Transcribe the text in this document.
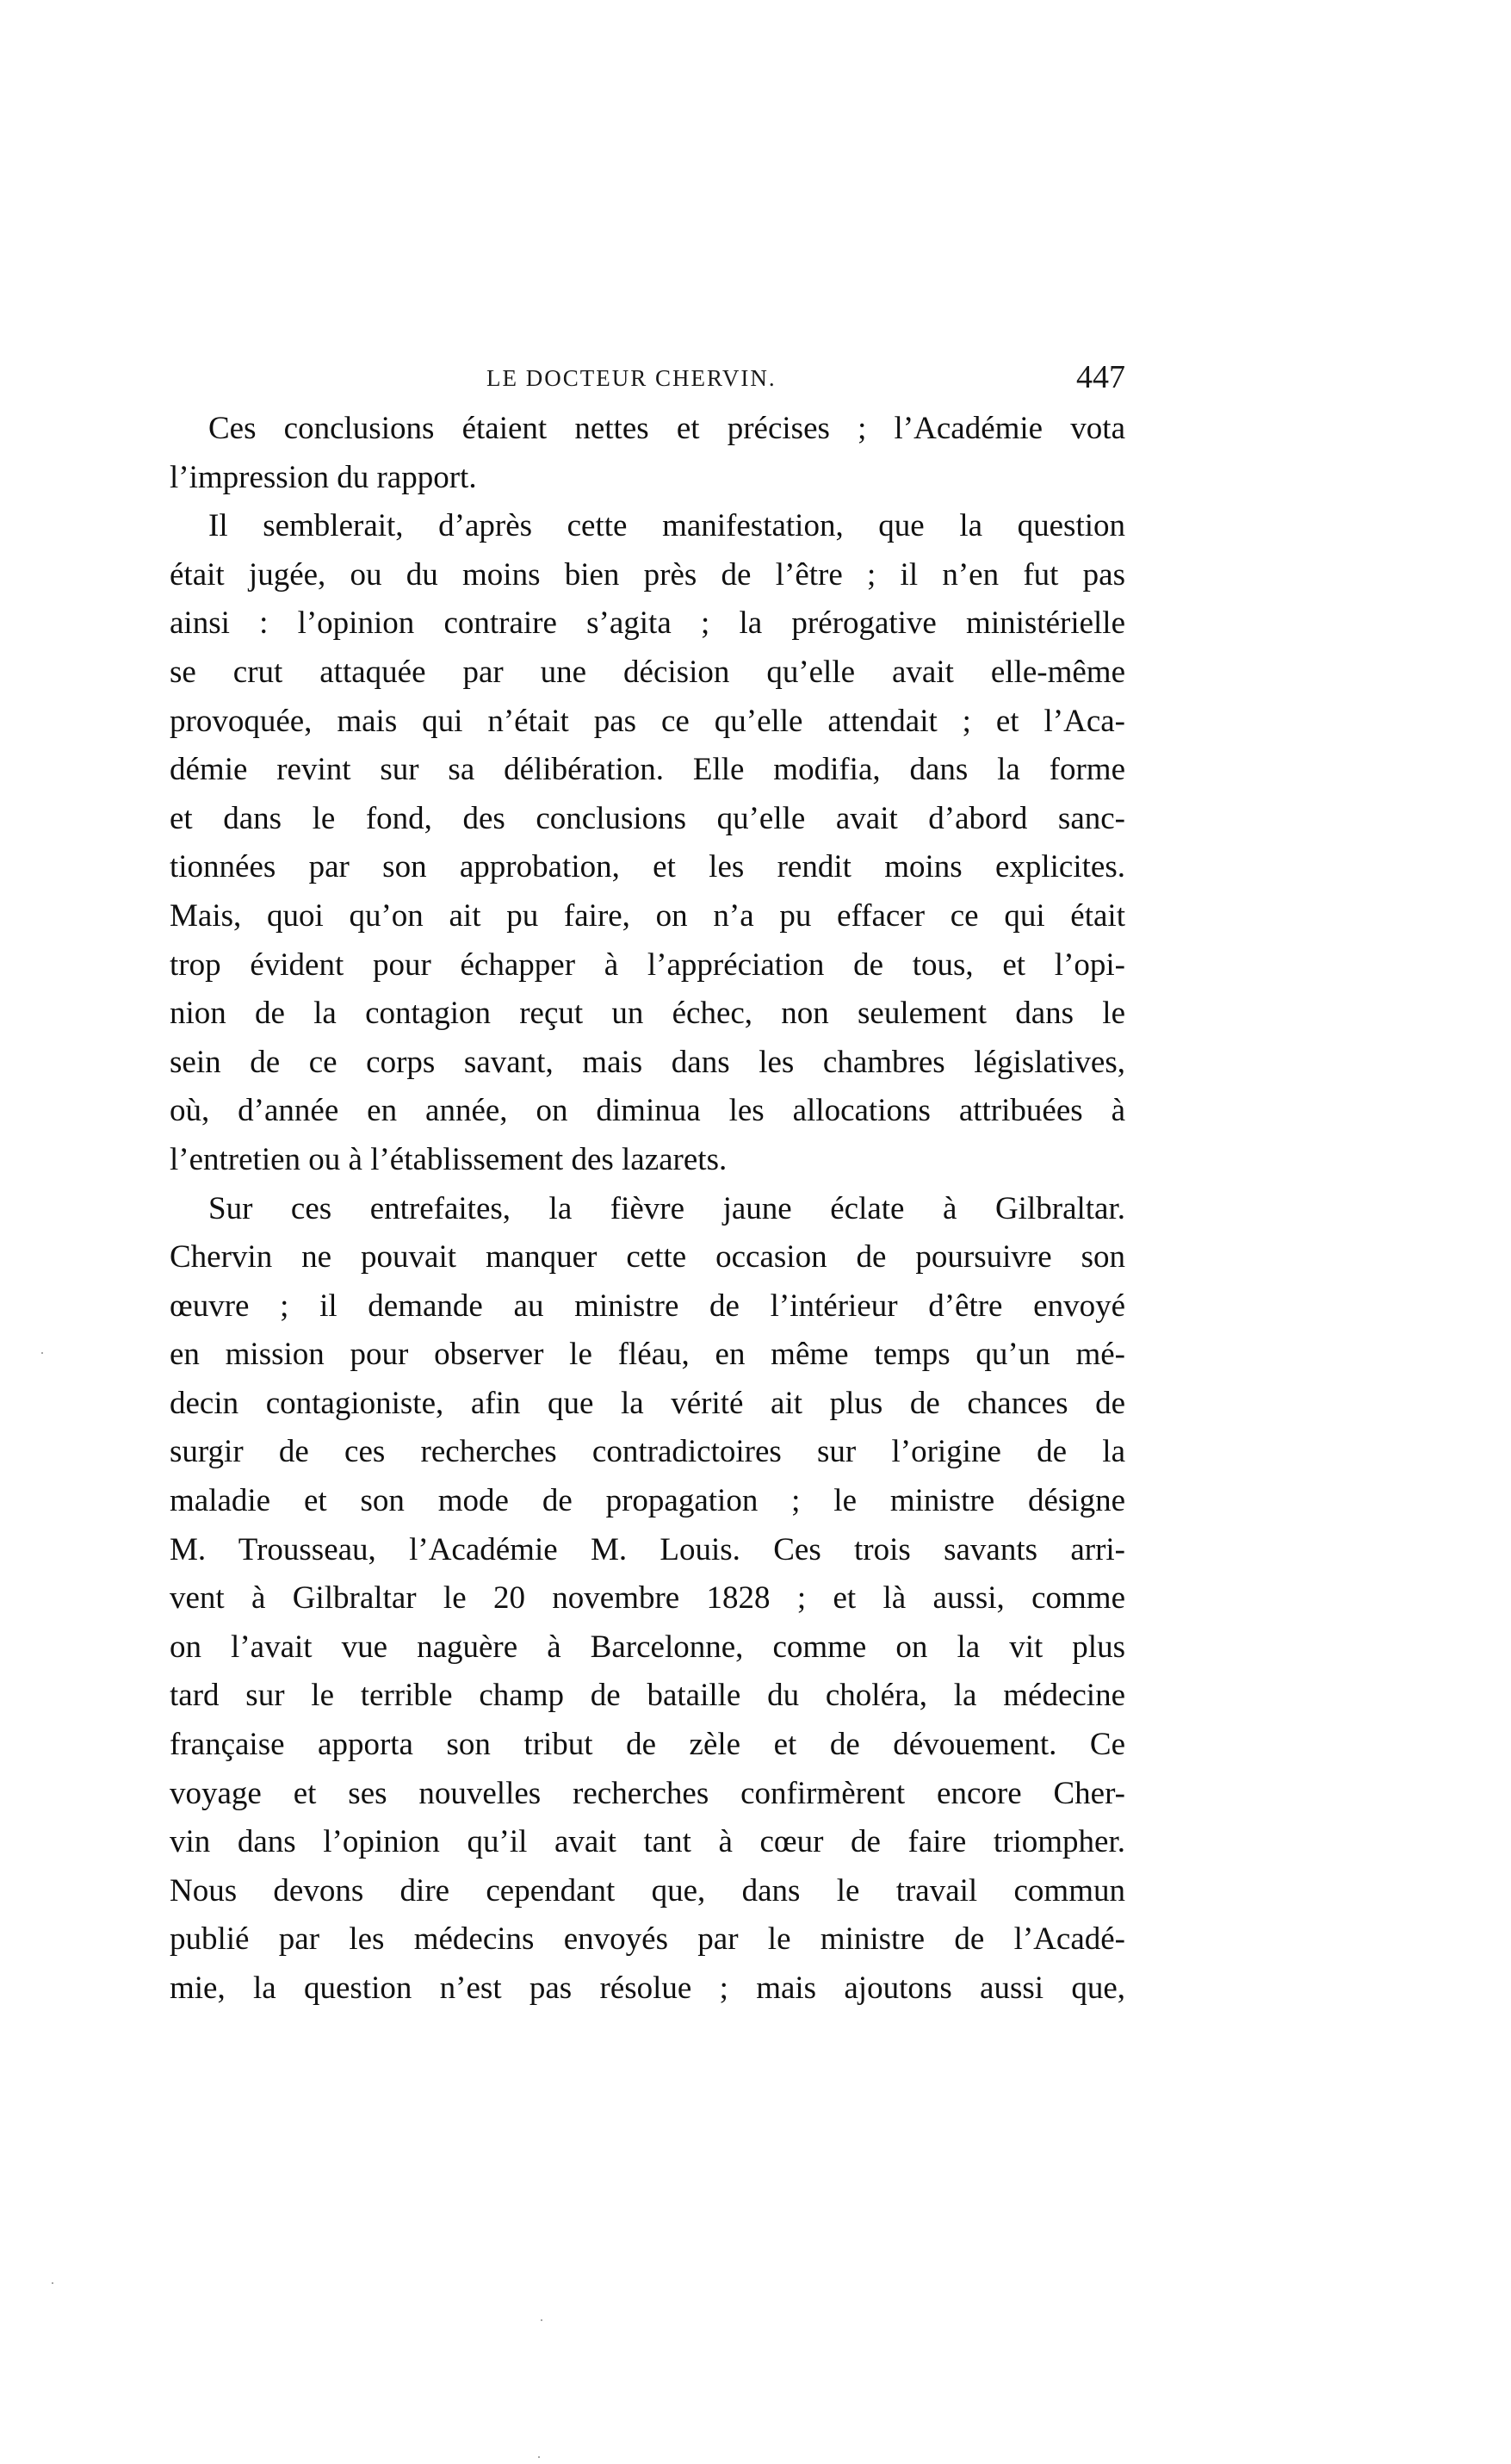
LE DOCTEUR CHERVIN.	447
Ces conclusions étaient nettes et précises ; l’Académie vota
l’impression du rapport.
Il semblerait, d’après cette manifestation, que la question
était jugée, ou du moins bien près de l’être ; il n’en fut pas
ainsi : l’opinion contraire s’agita ; la prérogative ministérielle
se crut attaquée par une décision qu’elle avait elle-même
provoquée, mais qui n’était pas ce qu’elle attendait ; et l’Aca-
démie revint sur sa délibération. Elle modifia, dans la forme
et dans le fond, des conclusions qu’elle avait d’abord sanc-
tionnées par son approbation, et les rendit moins explicites.
Mais, quoi qu’on ait pu faire, on n’a pu effacer ce qui était
trop évident pour échapper à l’appréciation de tous, et l’opi-
nion de la contagion reçut un échec, non seulement dans le
sein de ce corps savant, mais dans les chambres législatives,
où, d’année en année, on diminua les allocations attribuées à
l’entretien ou à l’établissement des lazarets.
Sur ces entrefaites, la fièvre jaune éclate à Gilbraltar.
Chervin ne pouvait manquer cette occasion de poursuivre son
œuvre ; il demande au ministre de l’intérieur d’être envoyé
en mission pour observer le fléau, en même temps qu’un mé-
decin contagioniste, afin que la vérité ait plus de chances de
surgir de ces recherches contradictoires sur l’origine de la
maladie et son mode de propagation ; le ministre désigne
M. Trousseau, l’Académie M. Louis. Ces trois savants arri-
vent à Gilbraltar le 20 novembre 1828 ; et là aussi, comme
on l’avait vue naguère à Barcelonne, comme on la vit plus
tard sur le terrible champ de bataille du choléra, la médecine
française apporta son tribut de zèle et de dévouement. Ce
voyage et ses nouvelles recherches confirmèrent encore Cher-
vin dans l’opinion qu’il avait tant à cœur de faire triompher.
Nous devons dire cependant que, dans le travail commun
publié par les médecins envoyés par le ministre de l’Acadé-
mie, la question n’est pas résolue ; mais ajoutons aussi que,
